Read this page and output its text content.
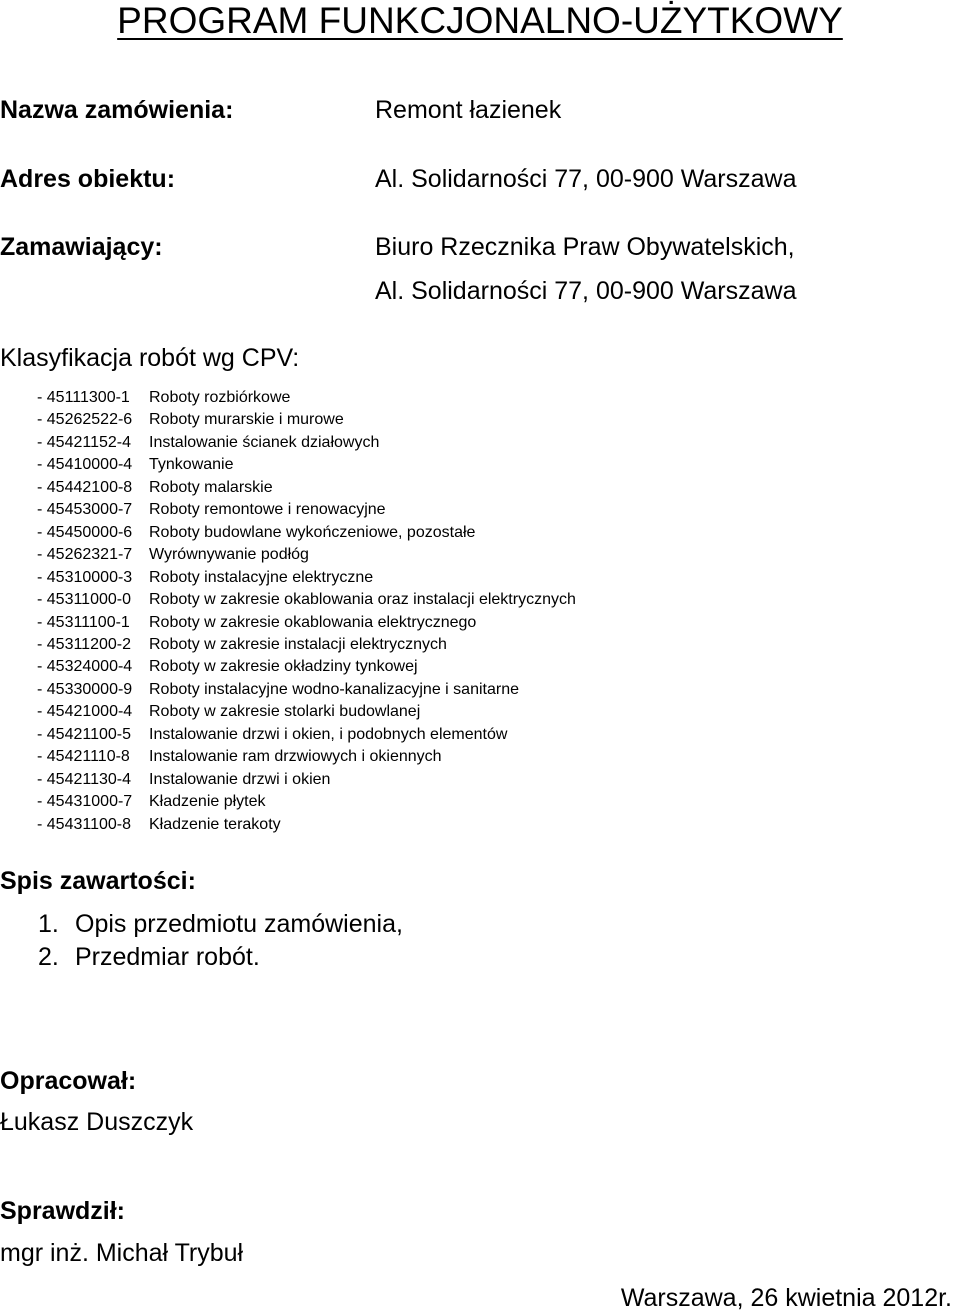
PROGRAM FUNKCJONALNO-UŻYTKOWY
Nazwa zamówienia:	Remont łazienek
Adres obiektu:	Al. Solidarności 77, 00-900 Warszawa
Zamawiający:	Biuro Rzecznika Praw Obywatelskich,
Al. Solidarności 77, 00-900 Warszawa
Klasyfikacja robót wg CPV:
- 45111300-1 Roboty rozbiórkowe
- 45262522-6 Roboty murarskie i murowe
- 45421152-4 Instalowanie ścianek działowych
- 45410000-4 Tynkowanie
- 45442100-8 Roboty malarskie
- 45453000-7 Roboty remontowe i renowacyjne
- 45450000-6 Roboty budowlane wykończeniowe, pozostałe
- 45262321-7 Wyrównywanie podłóg
- 45310000-3 Roboty instalacyjne elektryczne
- 45311000-0 Roboty w zakresie okablowania oraz instalacji elektrycznych
- 45311100-1 Roboty w zakresie okablowania elektrycznego
- 45311200-2 Roboty w zakresie instalacji elektrycznych
- 45324000-4 Roboty w zakresie okładziny tynkowej
- 45330000-9 Roboty instalacyjne wodno-kanalizacyjne i sanitarne
- 45421000-4 Roboty w zakresie stolarki budowlanej
- 45421100-5 Instalowanie drzwi i okien, i podobnych elementów
- 45421110-8 Instalowanie ram drzwiowych i okiennych
- 45421130-4 Instalowanie drzwi i okien
- 45431000-7 Kładzenie płytek
- 45431100-8 Kładzenie terakoty
Spis zawartości:
1. Opis przedmiotu zamówienia,
2. Przedmiar robót.
Opracował:
Łukasz Duszczyk
Sprawdził:
mgr inż. Michał Trybuł
Warszawa, 26 kwietnia 2012r.
